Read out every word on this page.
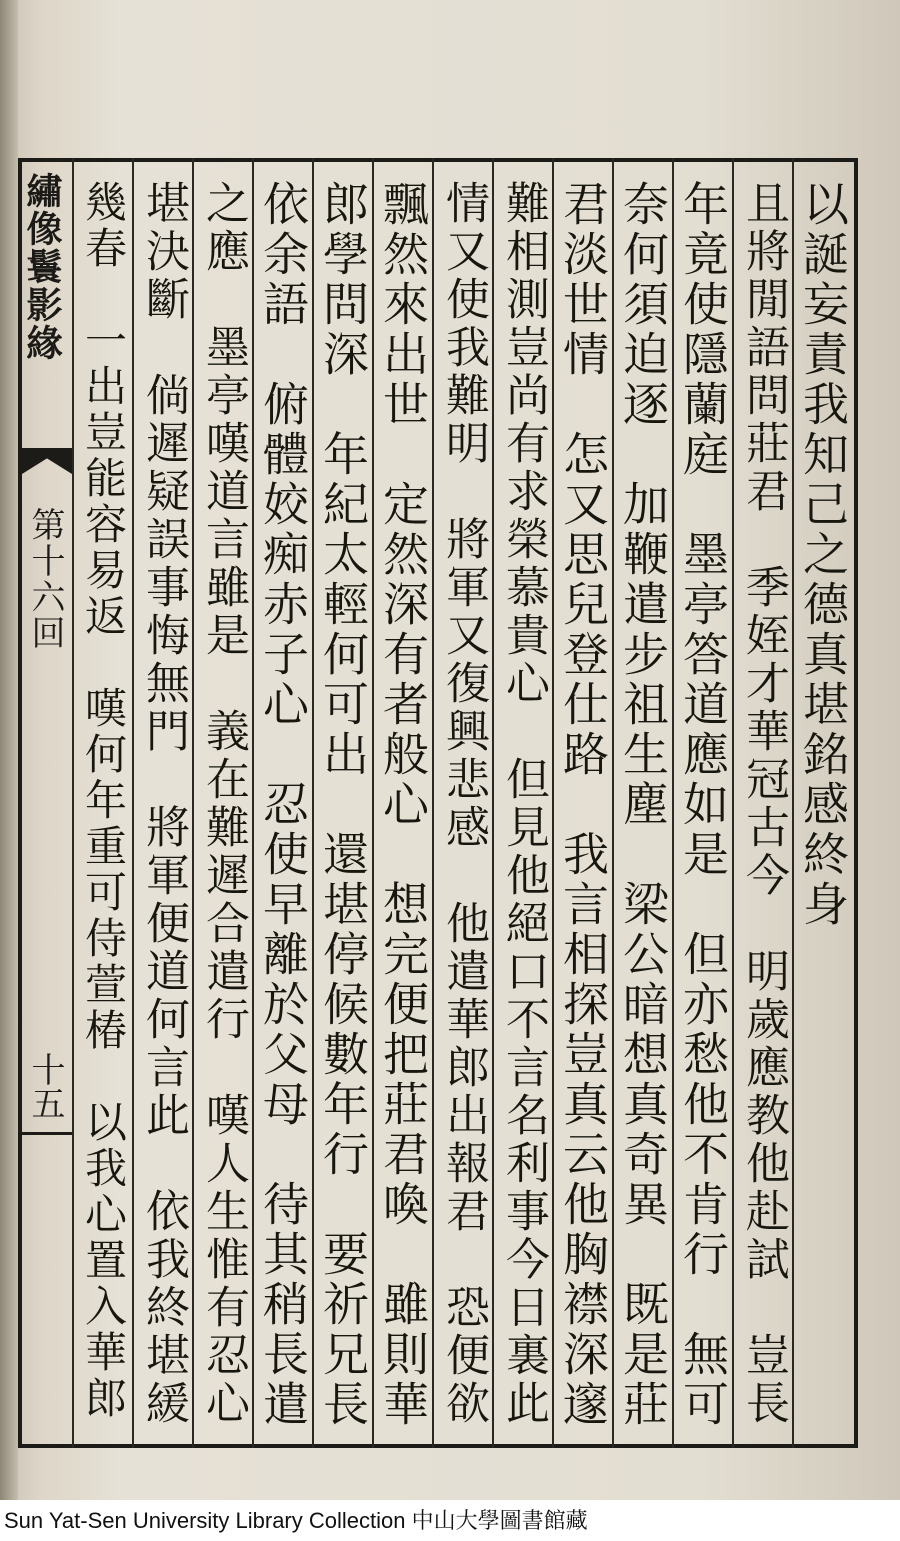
繡像鬟影緣
第十六回
十五
以誕妄責我知己之德真堪銘感終身
且將閒語問莊君　季姪才華冠古今　明歲應教他赴試　豈長
年竟使隱蘭庭　墨亭答道應如是　但亦愁他不肯行　無可
奈何須迫逐　加鞭遣步祖生塵　梁公暗想真奇異　既是莊
君淡世情　怎又思兒登仕路　我言相探豈真云他胸襟深邃
難相測豈尚有求榮慕貴心　但見他絕口不言名利事今日裏此
情又使我難明　將軍又復興悲感　他遣華郎出報君　恐便欲
飄然來出世　定然深有者般心　想完便把莊君喚　雖則華
郎學問深　年紀太輕何可出　還堪停候數年行　要祈兄長
依余語　俯體姣痴赤子心　忍使早離於父母　待其稍長遣
之應　墨亭嘆道言雖是　義在難遲合遣行　嘆人生惟有忍心
堪決斷　倘遲疑誤事悔無門　將軍便道何言此　依我終堪緩
幾春　一出豈能容易返　嘆何年重可侍萱椿　以我心置入華郎
Sun Yat-Sen University Library Collection 中山大學圖書館藏
